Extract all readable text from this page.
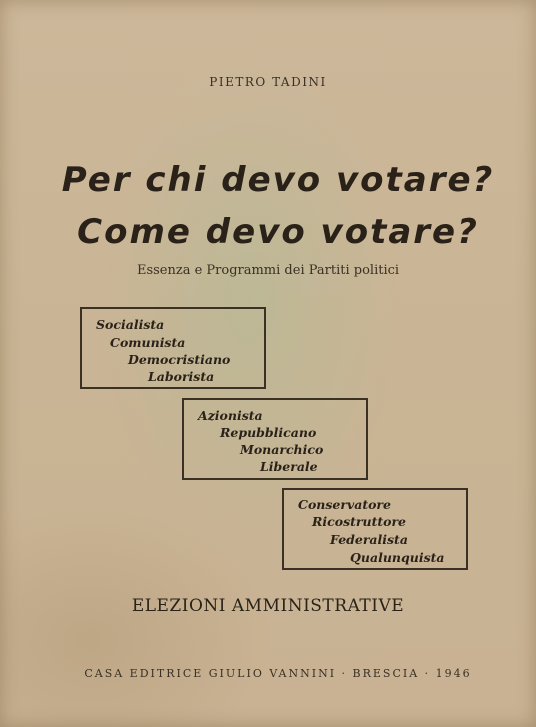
PIETRO TADINI
Per chi devo votare?
Come devo votare?
Essenza e Programmi dei Partiti politici
Socialista
Comunista
Democristiano
Laborista
Azionista
Repubblicano
Monarchico
Liberale
Conservatore
Ricostruttore
Federalista
Qualunquista
ELEZIONI AMMINISTRATIVE
CASA EDITRICE GIULIO VANNINI · BRESCIA · 1946
